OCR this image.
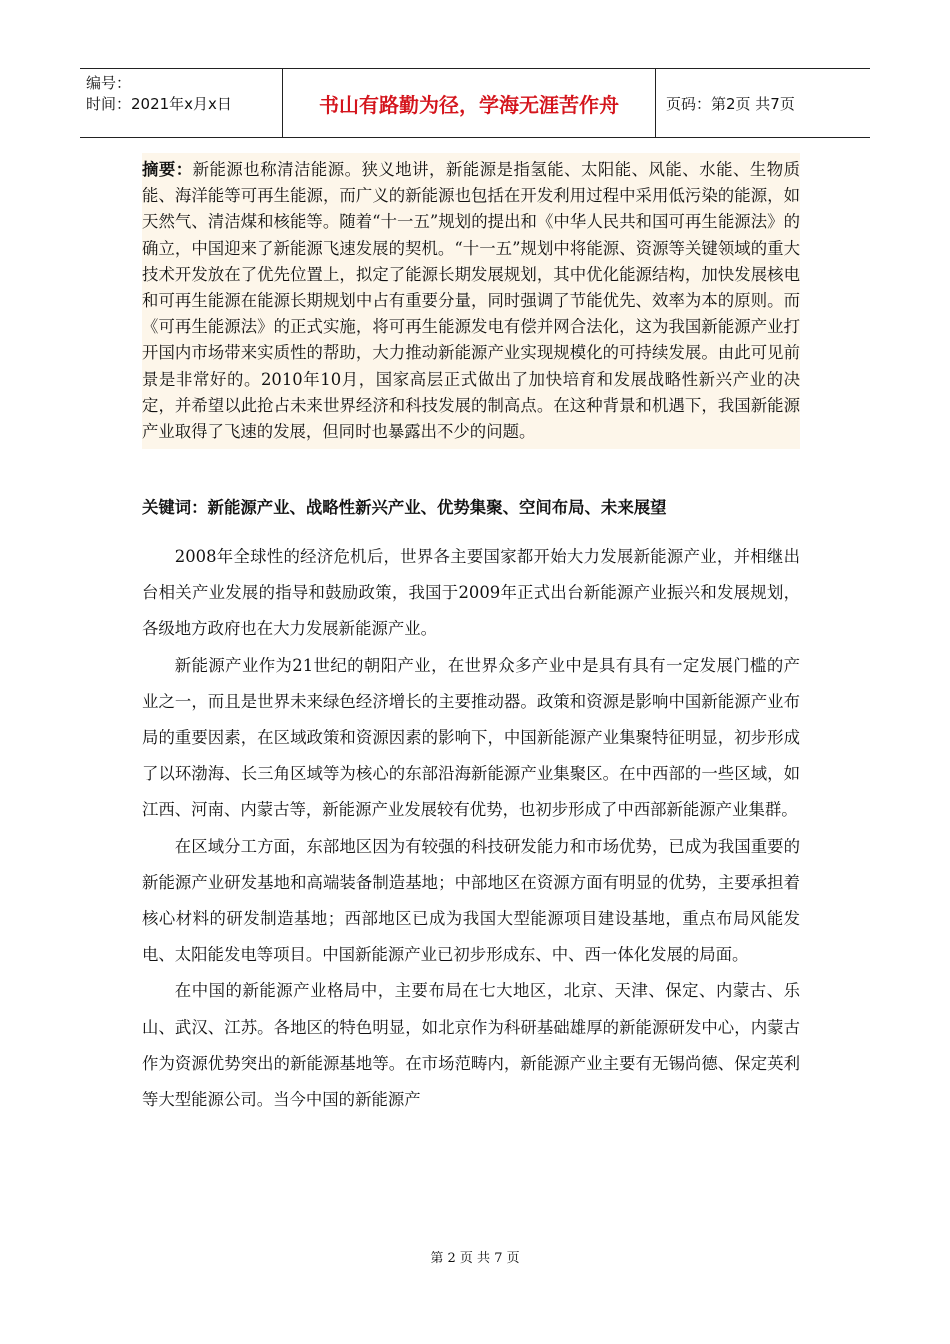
编号：
时间：2021年x月x日	书山有路勤为径，学海无涯苦作舟	页码：第2页 共7页
摘要：新能源也称清洁能源。狭义地讲，新能源是指氢能、太阳能、风能、水能、生物质能、海洋能等可再生能源，而广义的新能源也包括在开发利用过程中采用低污染的能源，如天然气、清洁煤和核能等。随着“十一五”规划的提出和《中华人民共和国可再生能源法》的确立，中国迎来了新能源飞速发展的契机。“十一五”规划中将能源、资源等关键领域的重大技术开发放在了优先位置上，拟定了能源长期发展规划，其中优化能源结构，加快发展核电和可再生能源在能源长期规划中占有重要分量，同时强调了节能优先、效率为本的原则。而《可再生能源法》的正式实施，将可再生能源发电有偿并网合法化，这为我国新能源产业打开国内市场带来实质性的帮助，大力推动新能源产业实现规模化的可持续发展。由此可见前景是非常好的。2010年10月，国家高层正式做出了加快培育和发展战略性新兴产业的决定，并希望以此抢占未来世界经济和科技发展的制高点。在这种背景和机遇下，我国新能源产业取得了飞速的发展，但同时也暴露出不少的问题。
关键词：新能源产业、战略性新兴产业、优势集聚、空间布局、未来展望

2008年全球性的经济危机后，世界各主要国家都开始大力发展新能源产业，并相继出台相关产业发展的指导和鼓励政策，我国于2009年正式出台新能源产业振兴和发展规划，各级地方政府也在大力发展新能源产业。

新能源产业作为21世纪的朝阳产业，在世界众多产业中是具有具有一定发展门槛的产业之一，而且是世界未来绿色经济增长的主要推动器。政策和资源是影响中国新能源产业布局的重要因素，在区域政策和资源因素的影响下，中国新能源产业集聚特征明显，初步形成了以环渤海、长三角区域等为核心的东部沿海新能源产业集聚区。在中西部的一些区域，如江西、河南、内蒙古等，新能源产业发展较有优势，也初步形成了中西部新能源产业集群。

在区域分工方面，东部地区因为有较强的科技研发能力和市场优势，已成为我国重要的新能源产业研发基地和高端装备制造基地；中部地区在资源方面有明显的优势，主要承担着核心材料的研发制造基地；西部地区已成为我国大型能源项目建设基地，重点布局风能发电、太阳能发电等项目。中国新能源产业已初步形成东、中、西一体化发展的局面。

在中国的新能源产业格局中，主要布局在七大地区，北京、天津、保定、内蒙古、乐山、武汉、江苏。各地区的特色明显，如北京作为科研基础雄厚的新能源研发中心，内蒙古作为资源优势突出的新能源基地等。在市场范畴内，新能源产业主要有无锡尚德、保定英利等大型能源公司。当今中国的新能源产

第 2 页 共 7 页
